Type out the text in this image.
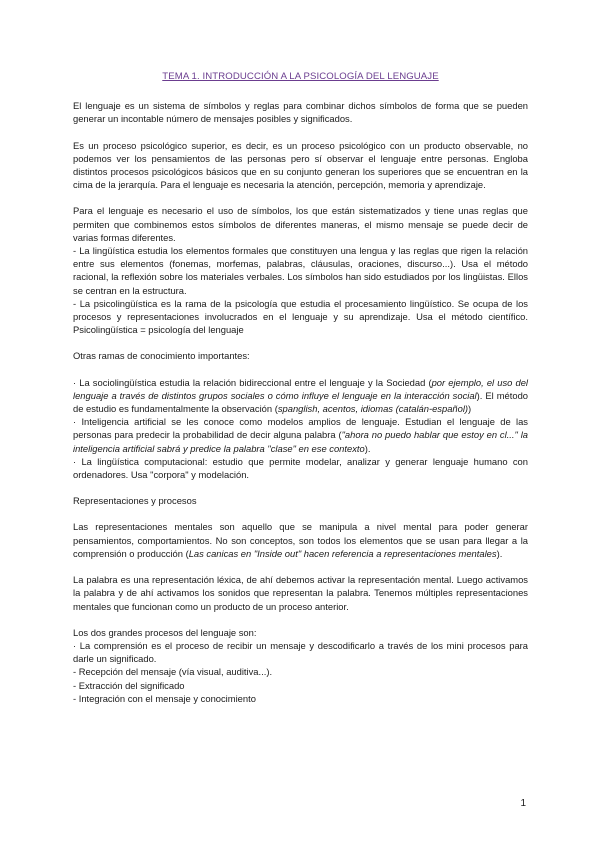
TEMA 1. INTRODUCCIÓN A LA PSICOLOGÍA DEL LENGUAJE

El lenguaje es un sistema de símbolos y reglas para combinar dichos símbolos de forma que se pueden generar un incontable número de mensajes posibles y significados.

Es un proceso psicológico superior, es decir, es un proceso psicológico con un producto observable, no podemos ver los pensamientos de las personas pero sí observar el lenguaje entre personas. Engloba distintos procesos psicológicos básicos que en su conjunto generan los superiores que se encuentran en la cima de la jerarquía. Para el lenguaje es necesaria la atención, percepción, memoria y aprendizaje.

Para el lenguaje es necesario el uso de símbolos, los que están sistematizados y tiene unas reglas que permiten que combinemos estos símbolos de diferentes maneras, el mismo mensaje se puede decir de varias formas diferentes.

- La lingüística estudia los elementos formales que constituyen una lengua y las reglas que rigen la relación entre sus elementos (fonemas, morfemas, palabras, cláusulas, oraciones, discurso...). Usa el método racional, la reflexión sobre los materiales verbales. Los símbolos han sido estudiados por los lingüistas. Ellos se centran en la estructura.

- La psicolingüística es la rama de la psicología que estudia el procesamiento lingüístico. Se ocupa de los procesos y representaciones involucrados en el lenguaje y su aprendizaje. Usa el método científico. Psicolingüística = psicología del lenguaje

Otras ramas de conocimiento importantes:

· La sociolingüística estudia la relación bidireccional entre el lenguaje y la Sociedad (por ejemplo, el uso del lenguaje a través de distintos grupos sociales o cómo influye el lenguaje en la interacción social). El método de estudio es fundamentalmente la observación (spanglish, acentos, idiomas (catalán-español))

· Inteligencia artificial se les conoce como modelos amplios de lenguaje. Estudian el lenguaje de las personas para predecir la probabilidad de decir alguna palabra ("ahora no puedo hablar que estoy en cl..." la inteligencia artificial sabrá y predice la palabra "clase" en ese contexto).

· La lingüística computacional: estudio que permite modelar, analizar y generar lenguaje humano con ordenadores. Usa "corpora" y modelación.

Representaciones y procesos

Las representaciones mentales son aquello que se manipula a nivel mental para poder generar pensamientos, comportamientos. No son conceptos, son todos los elementos que se usan para llegar a la comprensión o producción (Las canicas en "Inside out" hacen referencia a representaciones mentales).

La palabra es una representación léxica, de ahí debemos activar la representación mental. Luego activamos la palabra y de ahí activamos los sonidos que representan la palabra. Tenemos múltiples representaciones mentales que funcionan como un producto de un proceso anterior.

Los dos grandes procesos del lenguaje son:

· La comprensión es el proceso de recibir un mensaje y descodificarlo a través de los mini procesos para darle un significado.

- Recepción del mensaje (vía visual, auditiva...).

- Extracción del significado

- Integración con el mensaje y conocimiento

1
